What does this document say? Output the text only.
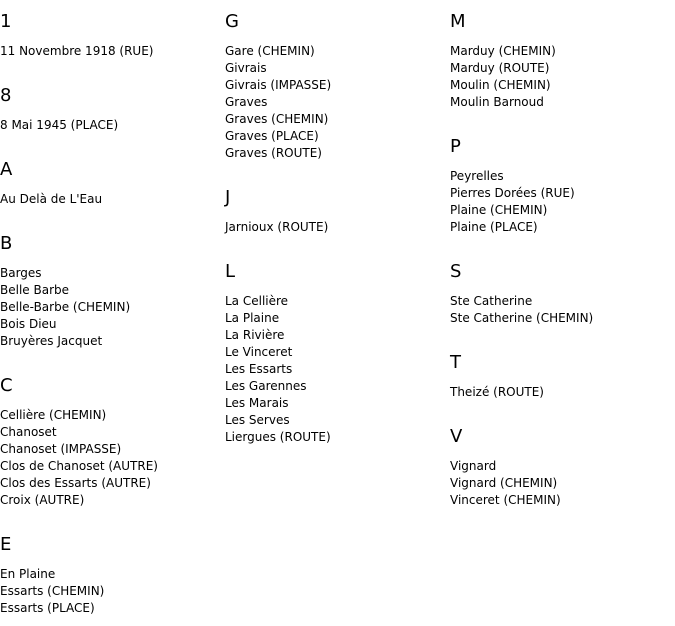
1
11 Novembre 1918 (RUE)
8
8 Mai 1945 (PLACE)
A
Au Delà de L'Eau
B
Barges
Belle Barbe
Belle-Barbe (CHEMIN)
Bois Dieu
Bruyères Jacquet
C
Cellière (CHEMIN)
Chanoset
Chanoset (IMPASSE)
Clos de Chanoset (AUTRE)
Clos des Essarts (AUTRE)
Croix (AUTRE)
E
En Plaine
Essarts (CHEMIN)
Essarts (PLACE)
G
Gare (CHEMIN)
Givrais
Givrais (IMPASSE)
Graves
Graves (CHEMIN)
Graves (PLACE)
Graves (ROUTE)
J
Jarnioux (ROUTE)
L
La Cellière
La Plaine
La Rivière
Le Vinceret
Les Essarts
Les Garennes
Les Marais
Les Serves
Liergues (ROUTE)
M
Marduy (CHEMIN)
Marduy (ROUTE)
Moulin (CHEMIN)
Moulin Barnoud
P
Peyrelles
Pierres Dorées (RUE)
Plaine (CHEMIN)
Plaine (PLACE)
S
Ste Catherine
Ste Catherine (CHEMIN)
T
Theizé (ROUTE)
V
Vignard
Vignard (CHEMIN)
Vinceret (CHEMIN)
